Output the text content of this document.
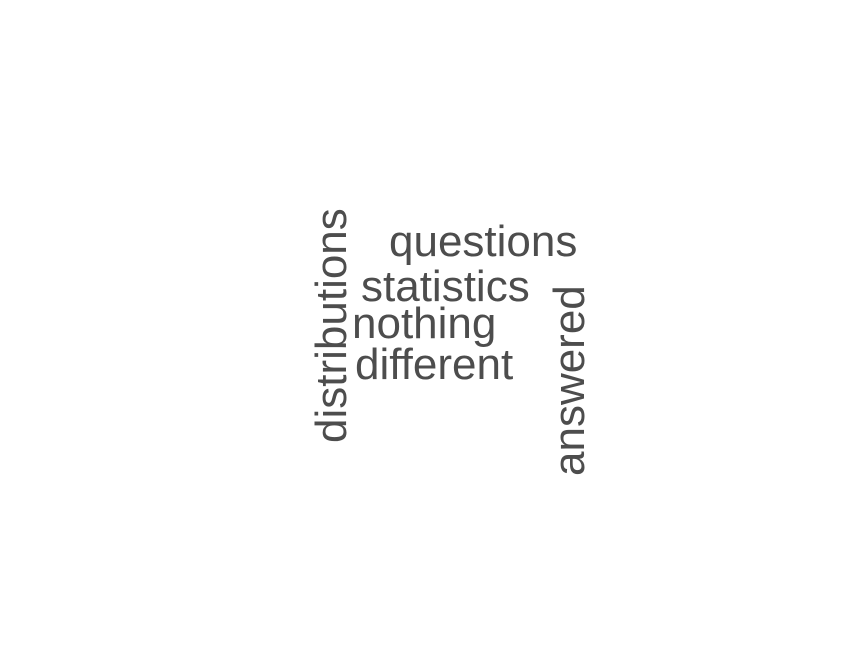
questions

statistics

nothing

different

distributions	answered
